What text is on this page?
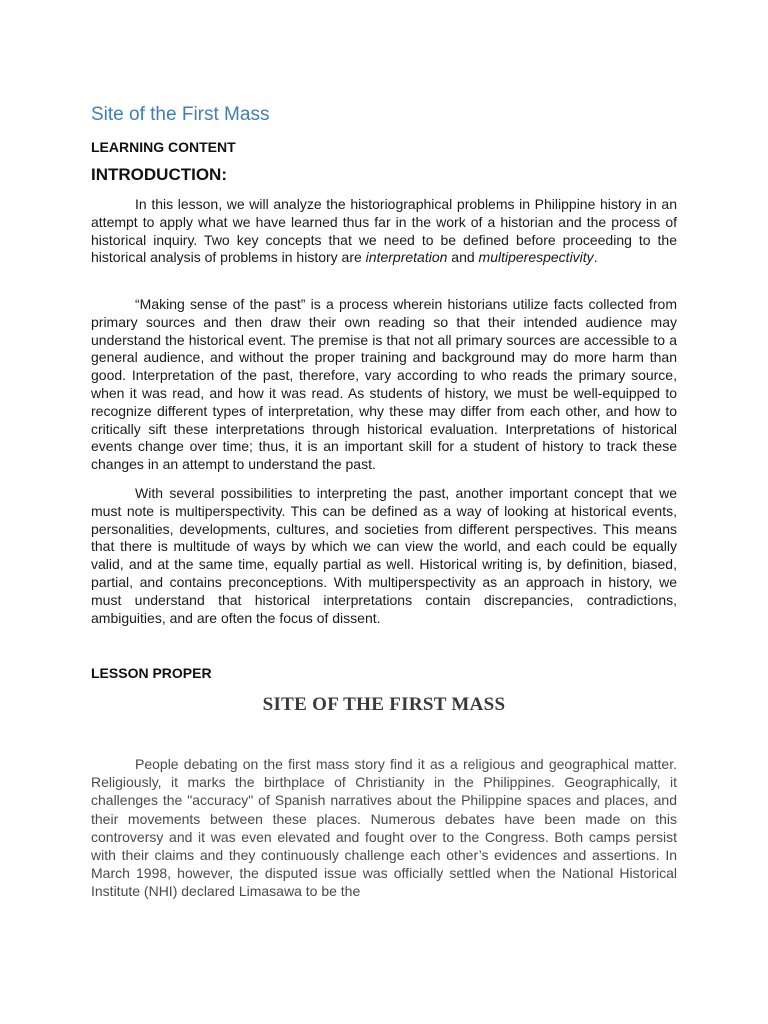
Site of the First Mass
LEARNING CONTENT
INTRODUCTION:

In this lesson, we will analyze the historiographical problems in Philippine history in an attempt to apply what we have learned thus far in the work of a historian and the process of historical inquiry. Two key concepts that we need to be defined before proceeding to the historical analysis of problems in history are interpretation and multiperespectivity.

“Making sense of the past” is a process wherein historians utilize facts collected from primary sources and then draw their own reading so that their intended audience may understand the historical event. The premise is that not all primary sources are accessible to a general audience, and without the proper training and background may do more harm than good. Interpretation of the past, therefore, vary according to who reads the primary source, when it was read, and how it was read. As students of history, we must be well-equipped to recognize different types of interpretation, why these may differ from each other, and how to critically sift these interpretations through historical evaluation. Interpretations of historical events change over time; thus, it is an important skill for a student of history to track these changes in an attempt to understand the past.

With several possibilities to interpreting the past, another important concept that we must note is multiperspectivity. This can be defined as a way of looking at historical events, personalities, developments, cultures, and societies from different perspectives. This means that there is multitude of ways by which we can view the world, and each could be equally valid, and at the same time, equally partial as well. Historical writing is, by definition, biased, partial, and contains preconceptions. With multiperspectivity as an approach in history, we must understand that historical interpretations contain discrepancies, contradictions, ambiguities, and are often the focus of dissent.

LESSON PROPER
SITE OF THE FIRST MASS

People debating on the first mass story find it as a religious and geographical matter. Religiously, it marks the birthplace of Christianity in the Philippines. Geographically, it challenges the "accuracy" of Spanish narratives about the Philippine spaces and places, and their movements between these places. Numerous debates have been made on this controversy and it was even elevated and fought over to the Congress. Both camps persist with their claims and they continuously challenge each other’s evidences and assertions. In March 1998, however, the disputed issue was officially settled when the National Historical Institute (NHI) declared Limasawa to be the
